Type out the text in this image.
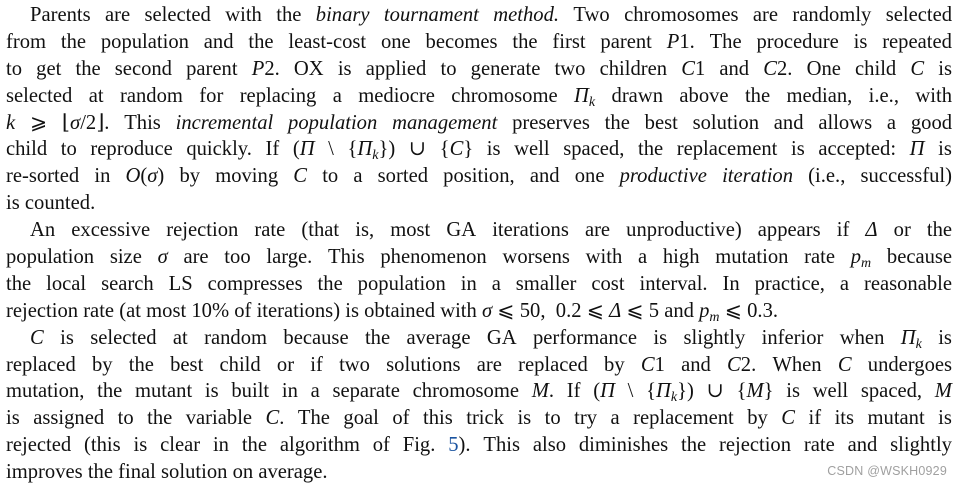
Parents are selected with the binary tournament method. Two chromosomes are randomly selected
from the population and the least-cost one becomes the first parent P1. The procedure is repeated
to get the second parent P2. OX is applied to generate two children C1 and C2. One child C is
selected at random for replacing a mediocre chromosome $\Pi_k$ drawn above the median, i.e., with
k ⩾ ⌊σ/2⌋. This incremental population management preserves the best solution and allows a good
child to reproduce quickly. If (Π \ $\{\Pi_k\}$) ∪ {C} is well spaced, the replacement is accepted: Π is
re-sorted in O(σ) by moving C to a sorted position, and one productive iteration (i.e., successful)
is
counted.
An excessive rejection rate (that is, most GA iterations are unproductive) appears if Δ or the
population size σ are too large. This phenomenon worsens with a high mutation rate $p_m$ because
the local search LS compresses the population in a smaller cost interval. In practice, a reasonable
rejection
rate
(at
most
10%
of
iterations)
is
obtained
with
σ
⩽
50,

0.2
⩽
Δ
⩽
5
and
$p_m$
⩽
0.3.
C is selected at random because the average GA performance is slightly inferior when $\Pi_k$ is
replaced by the best child or if two solutions are replaced by C1 and C2. When C undergoes
mutation, the mutant is built in a separate chromosome M. If (Π \ $\{\Pi_k\}$) ∪ {M} is well spaced, M
is assigned to the variable C. The goal of this trick is to try a replacement by C if its mutant is
rejected (this is clear in the algorithm of Fig. 5). This also diminishes the rejection rate and slightly
improves
the
final
solution
on
average.	CSDN @WSKH0929
